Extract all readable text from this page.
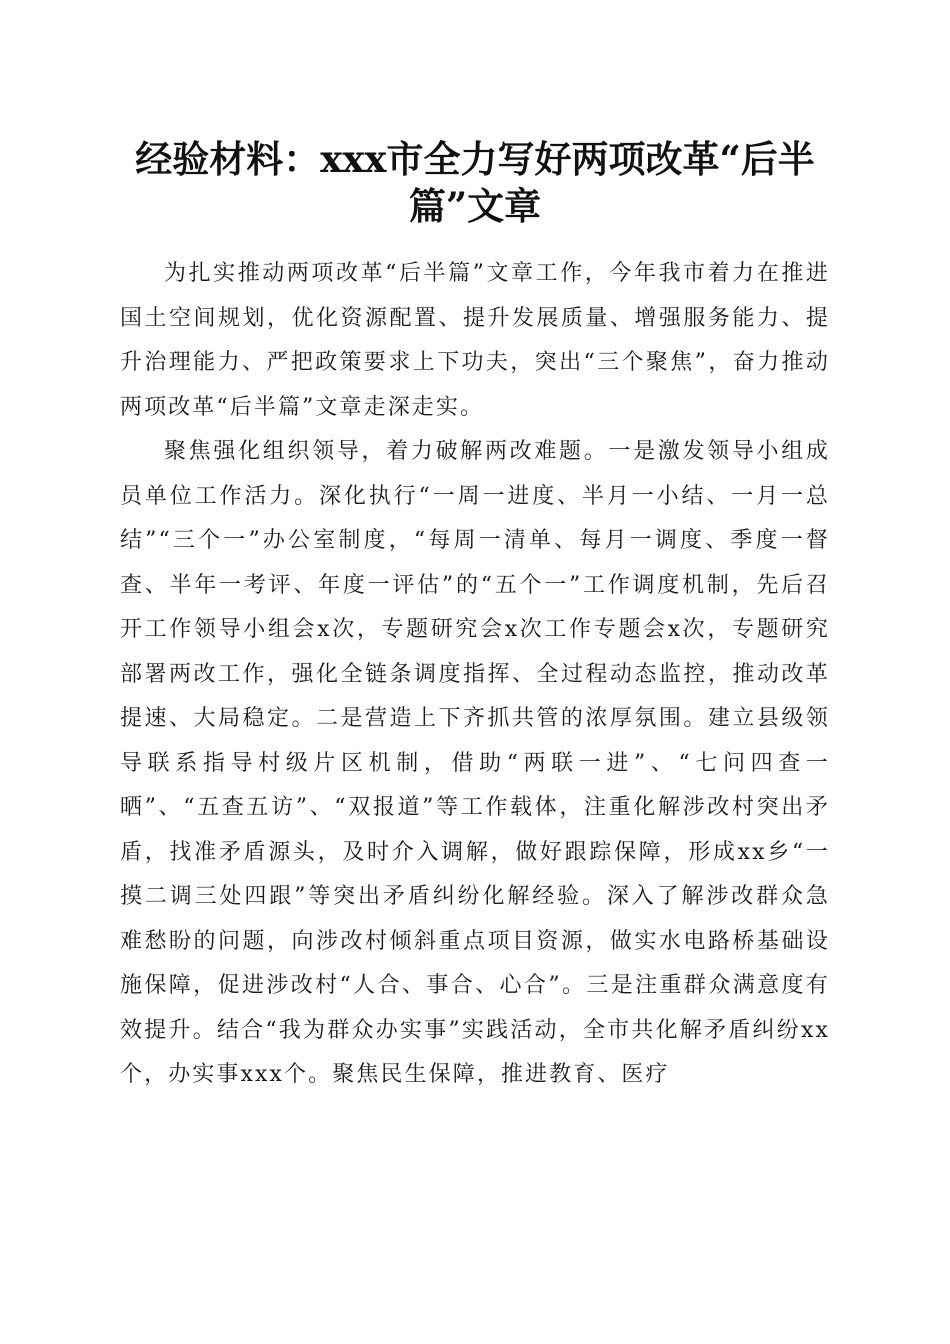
经验材料：xxx市全力写好两项改革“后半篇”文章

为扎实推动两项改革“后半篇”文章工作，今年我市着力在推进国土空间规划，优化资源配置、提升发展质量、增强服务能力、提升治理能力、严把政策要求上下功夫，突出“三个聚焦”，奋力推动两项改革“后半篇”文章走深走实。

聚焦强化组织领导，着力破解两改难题。一是激发领导小组成员单位工作活力。深化执行“一周一进度、半月一小结、一月一总结”“三个一”办公室制度，“每周一清单、每月一调度、季度一督查、半年一考评、年度一评估”的“五个一”工作调度机制，先后召开工作领导小组会x次，专题研究会x次工作专题会x次，专题研究部署两改工作，强化全链条调度指挥、全过程动态监控，推动改革提速、大局稳定。二是营造上下齐抓共管的浓厚氛围。建立县级领导联系指导村级片区机制，借助“两联一进”、“七问四查一晒”、“五查五访”、“双报道”等工作载体，注重化解涉改村突出矛盾，找准矛盾源头，及时介入调解，做好跟踪保障，形成xx乡“一摸二调三处四跟”等突出矛盾纠纷化解经验。深入了解涉改群众急难愁盼的问题，向涉改村倾斜重点项目资源，做实水电路桥基础设施保障，促进涉改村“人合、事合、心合”。三是注重群众满意度有效提升。结合“我为群众办实事”实践活动，全市共化解矛盾纠纷xx个，办实事xxx个。聚焦民生保障，推进教育、医疗
